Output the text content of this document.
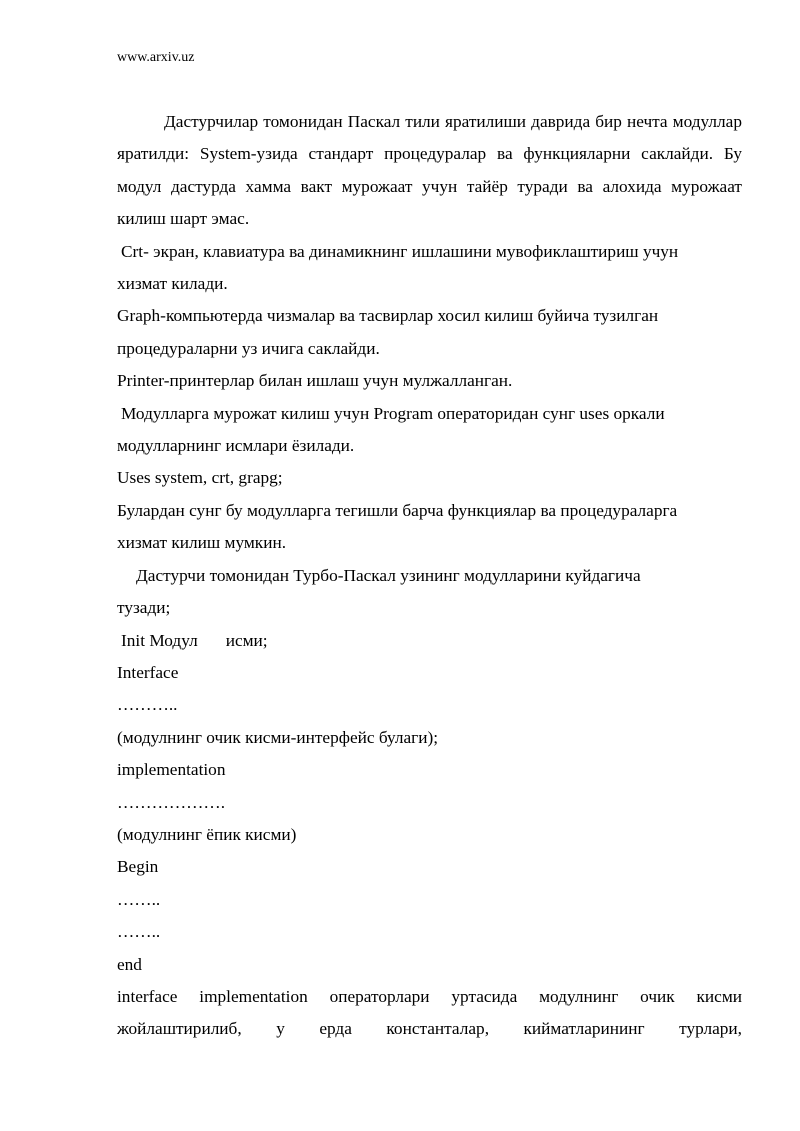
www.arxiv.uz

Дастурчилар томонидан Паскал тили яратилиши даврида бир нечта модуллар яратилди: System-узида стандарт процедуралар ва функцияларни саклайди. Бу модул дастурда хамма вакт мурожаат учун тайёр туради ва алохида мурожаат килиш шарт эмас.

Crt- экран, клавиатура ва динамикнинг ишлашини мувофиклаштириш учун

хизмат килади.

Graph-компьютерда чизмалар ва тасвирлар хосил килиш буйича тузилган

процедураларни уз ичига саклайди.

Printer-принтерлар билан ишлаш учун мулжалланган.

Модулларга мурожат килиш учун Program операторидан сунг uses оркали

модулларнинг исмлари ёзилади.

Uses system, crt, grapg;

Булардан сунг бу модулларга тегишли барча функциялар ва процедураларга

хизмат килиш мумкин.

Дастурчи томонидан Турбо-Паскал узининг модулларини куйдагича

тузади;

Init Модул исми;

Interface

………..

(модулнинг очик кисми-интерфейс булаги);

implementation

……………….

(модулнинг ёпик кисми)

Begin

……..

……..

end

interface implementation операторлари уртасида модулнинг очик кисми

жойлаштирилиб, у ерда константалар, кийматларининг турлари,
